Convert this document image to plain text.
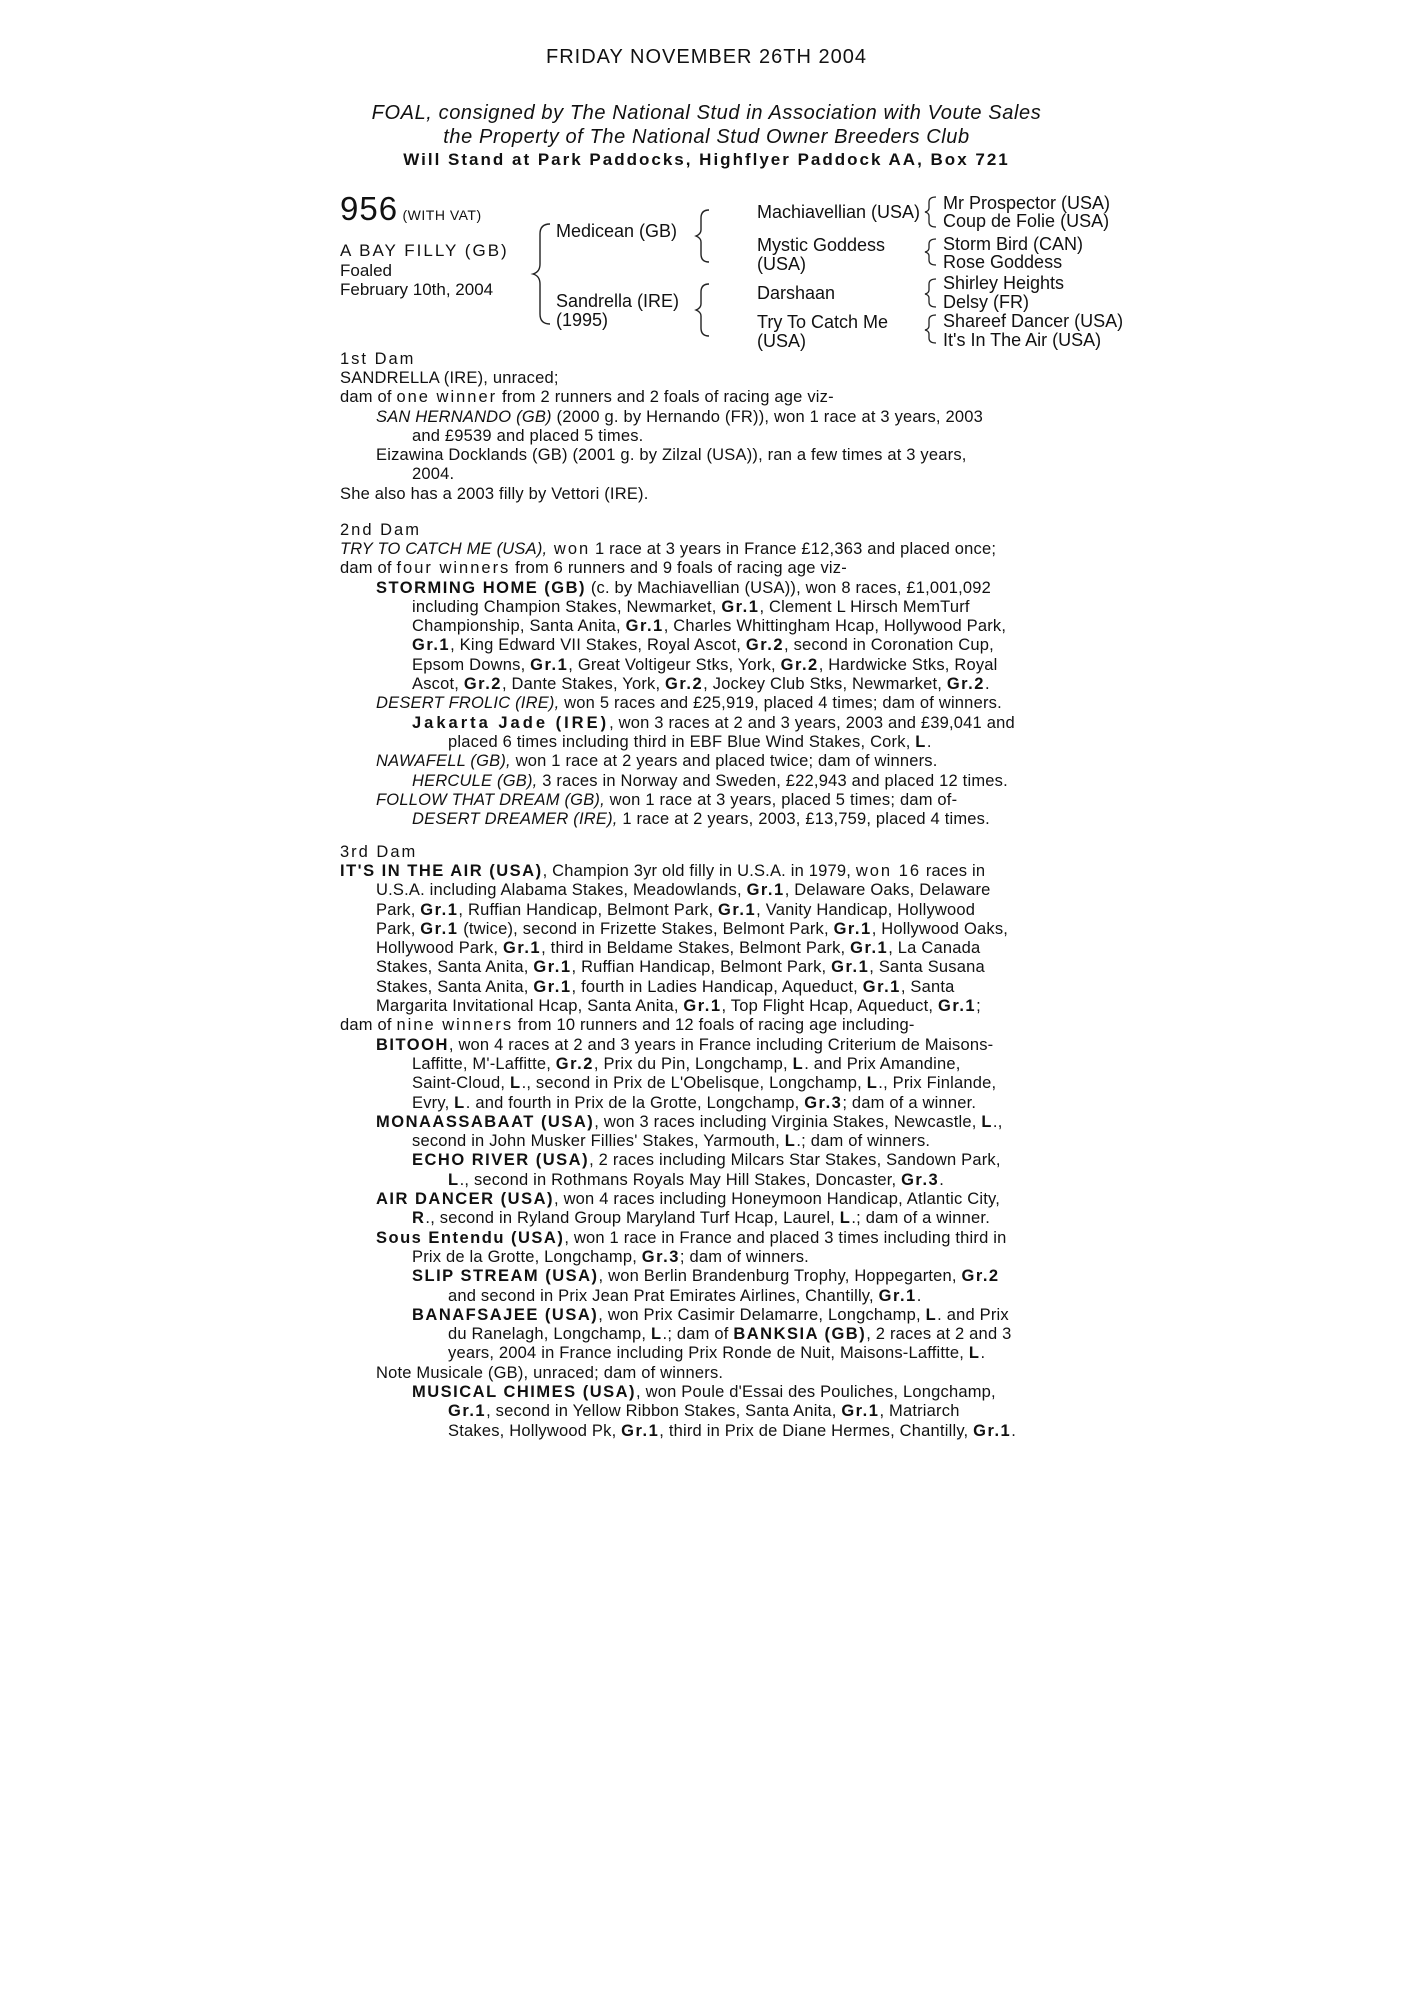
FRIDAY NOVEMBER 26TH 2004
FOAL, consigned by The National Stud in Association with Voute Sales
the Property of The National Stud Owner Breeders Club
Will Stand at Park Paddocks, Highflyer Paddock AA, Box 721
956 (WITH VAT)
A BAY FILLY (GB)
Foaled
February 10th, 2004
Medicean (GB)
Sandrella (IRE)
(1995)
Machiavellian (USA)
Mystic Goddess
(USA)
Darshaan
Try To Catch Me
(USA)
Mr Prospector (USA)
Coup de Folie (USA)
Storm Bird (CAN)
Rose Goddess
Shirley Heights
Delsy (FR)
Shareef Dancer (USA)
It's In The Air (USA)
1st Dam
SANDRELLA (IRE), unraced;
dam of one winner from 2 runners and 2 foals of racing age viz-
SAN HERNANDO (GB) (2000 g. by Hernando (FR)), won 1 race at 3 years, 2003
and £9539 and placed 5 times.
Eizawina Docklands (GB) (2001 g. by Zilzal (USA)), ran a few times at 3 years,
2004.
She also has a 2003 filly by Vettori (IRE).
2nd Dam
TRY TO CATCH ME (USA), won 1 race at 3 years in France £12,363 and placed once;
dam of four winners from 6 runners and 9 foals of racing age viz-
STORMING HOME (GB) (c. by Machiavellian (USA)), won 8 races, £1,001,092
including Champion Stakes, Newmarket, Gr.1, Clement L Hirsch MemTurf
Championship, Santa Anita, Gr.1, Charles Whittingham Hcap, Hollywood Park,
Gr.1, King Edward VII Stakes, Royal Ascot, Gr.2, second in Coronation Cup,
Epsom Downs, Gr.1, Great Voltigeur Stks, York, Gr.2, Hardwicke Stks, Royal
Ascot, Gr.2, Dante Stakes, York, Gr.2, Jockey Club Stks, Newmarket, Gr.2.
DESERT FROLIC (IRE), won 5 races and £25,919, placed 4 times; dam of winners.
Jakarta Jade (IRE), won 3 races at 2 and 3 years, 2003 and £39,041 and
placed 6 times including third in EBF Blue Wind Stakes, Cork, L.
NAWAFELL (GB), won 1 race at 2 years and placed twice; dam of winners.
HERCULE (GB), 3 races in Norway and Sweden, £22,943 and placed 12 times.
FOLLOW THAT DREAM (GB), won 1 race at 3 years, placed 5 times; dam of-
DESERT DREAMER (IRE), 1 race at 2 years, 2003, £13,759, placed 4 times.
3rd Dam
IT'S IN THE AIR (USA), Champion 3yr old filly in U.S.A. in 1979, won 16 races in
U.S.A. including Alabama Stakes, Meadowlands, Gr.1, Delaware Oaks, Delaware
Park, Gr.1, Ruffian Handicap, Belmont Park, Gr.1, Vanity Handicap, Hollywood
Park, Gr.1 (twice), second in Frizette Stakes, Belmont Park, Gr.1, Hollywood Oaks,
Hollywood Park, Gr.1, third in Beldame Stakes, Belmont Park, Gr.1, La Canada
Stakes, Santa Anita, Gr.1, Ruffian Handicap, Belmont Park, Gr.1, Santa Susana
Stakes, Santa Anita, Gr.1, fourth in Ladies Handicap, Aqueduct, Gr.1, Santa
Margarita Invitational Hcap, Santa Anita, Gr.1, Top Flight Hcap, Aqueduct, Gr.1;
dam of nine winners from 10 runners and 12 foals of racing age including-
BITOOH, won 4 races at 2 and 3 years in France including Criterium de Maisons-
Laffitte, M'-Laffitte, Gr.2, Prix du Pin, Longchamp, L. and Prix Amandine,
Saint-Cloud, L., second in Prix de L'Obelisque, Longchamp, L., Prix Finlande,
Evry, L. and fourth in Prix de la Grotte, Longchamp, Gr.3; dam of a winner.
MONAASSABAAT (USA), won 3 races including Virginia Stakes, Newcastle, L.,
second in John Musker Fillies' Stakes, Yarmouth, L.; dam of winners.
ECHO RIVER (USA), 2 races including Milcars Star Stakes, Sandown Park,
L., second in Rothmans Royals May Hill Stakes, Doncaster, Gr.3.
AIR DANCER (USA), won 4 races including Honeymoon Handicap, Atlantic City,
R., second in Ryland Group Maryland Turf Hcap, Laurel, L.; dam of a winner.
Sous Entendu (USA), won 1 race in France and placed 3 times including third in
Prix de la Grotte, Longchamp, Gr.3; dam of winners.
SLIP STREAM (USA), won Berlin Brandenburg Trophy, Hoppegarten, Gr.2
and second in Prix Jean Prat Emirates Airlines, Chantilly, Gr.1.
BANAFSAJEE (USA), won Prix Casimir Delamarre, Longchamp, L. and Prix
du Ranelagh, Longchamp, L.; dam of BANKSIA (GB), 2 races at 2 and 3
years, 2004 in France including Prix Ronde de Nuit, Maisons-Laffitte, L.
Note Musicale (GB), unraced; dam of winners.
MUSICAL CHIMES (USA), won Poule d'Essai des Pouliches, Longchamp,
Gr.1, second in Yellow Ribbon Stakes, Santa Anita, Gr.1, Matriarch
Stakes, Hollywood Pk, Gr.1, third in Prix de Diane Hermes, Chantilly, Gr.1.
